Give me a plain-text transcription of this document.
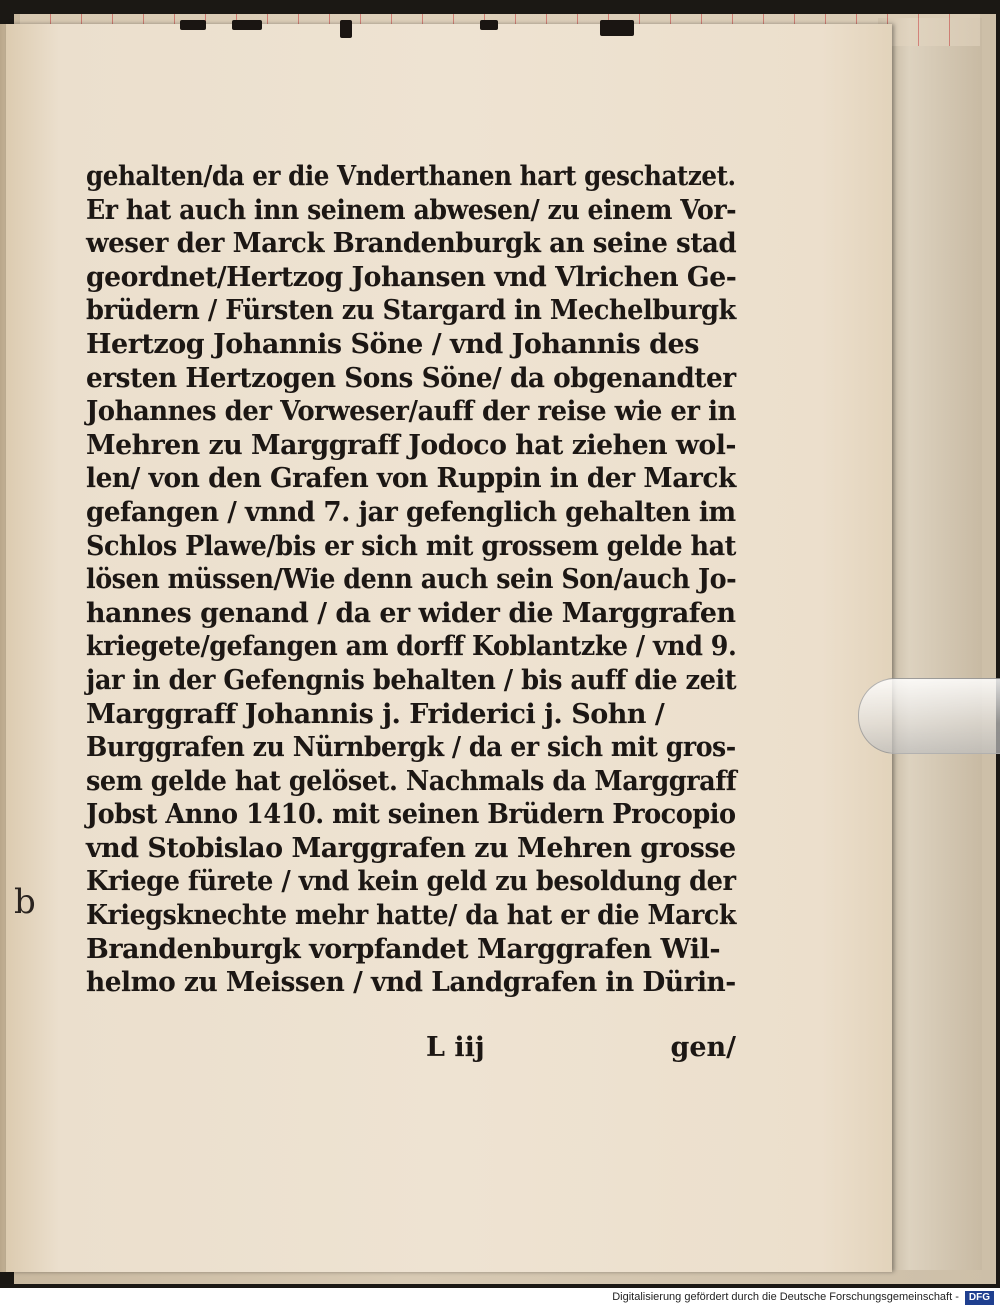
gehalten/da er die Vnderthanen hart geschatzet.
Er hat auch inn seinem abwesen/ zu einem Vor-
weser der Marck Brandenburgk an seine stad
geordnet/Hertzog Johansen vnd Vlrichen Ge-
brüdern / Fürsten zu Stargard in Mechelburgk
Hertzog Johannis Söne / vnd Johannis des
ersten Hertzogen Sons Söne/ da obgenandter
Johannes der Vorweser/auff der reise wie er in
Mehren zu Marggraff Jodoco hat ziehen wol-
len/ von den Grafen von Ruppin in der Marck
gefangen / vnnd 7. jar gefenglich gehalten im
Schlos Plawe/bis er sich mit grossem gelde hat
lösen müssen/Wie denn auch sein Son/auch Jo-
hannes genand / da er wider die Marggrafen
kriegete/gefangen am dorff Koblantzke / vnd 9.
jar in der Gefengnis behalten / bis auff die zeit
Marggraff Johannis j. Friderici j. Sohn /
Burggrafen zu Nürnbergk / da er sich mit gros-
sem gelde hat gelöset. Nachmals da Marggraff
Jobst Anno 1410. mit seinen Brüdern Procopio
vnd Stobislao Marggrafen zu Mehren grosse
Kriege fürete / vnd kein geld zu besoldung der
Kriegsknechte mehr hatte/ da hat er die Marck
Brandenburgk vorpfandet Marggrafen Wil-
helmo zu Meissen / vnd Landgrafen in Dürin-
L iij	gen/
b
Digitalisierung gefördert durch die Deutsche Forschungsgemeinschaft - DFG
